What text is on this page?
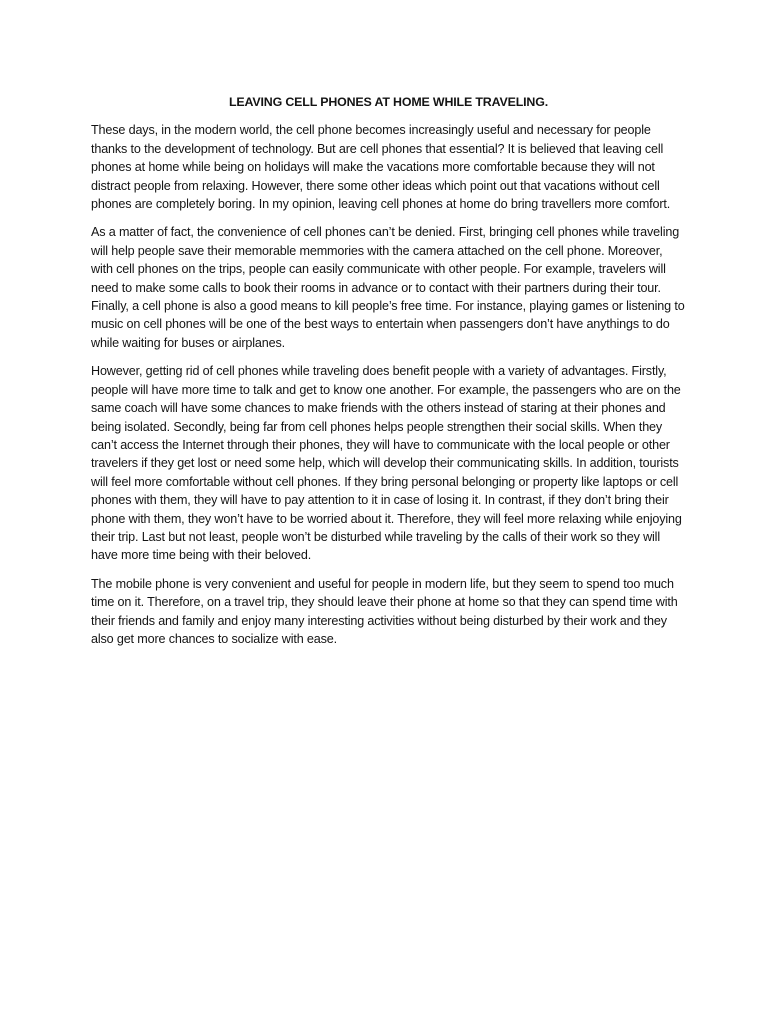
LEAVING CELL PHONES AT HOME WHILE TRAVELING.

These days, in the modern world, the cell phone becomes increasingly useful and necessary for people thanks to the development of technology. But are cell phones that essential? It is believed that leaving cell phones at home while being on holidays will make the vacations more comfortable because they will not distract people from relaxing. However, there some other ideas which point out that vacations without cell phones are completely boring. In my opinion, leaving cell phones at home do bring travellers more comfort.

As a matter of fact, the convenience of cell phones can’t be denied. First, bringing cell phones while traveling will help people save their memorable memmories with the camera attached on the cell phone. Moreover, with cell phones on the trips, people can easily communicate with other people. For example, travelers will need to make some calls to book their rooms in advance or to contact with their partners during their tour. Finally, a cell phone is also a good means to kill people’s free time. For instance, playing games or listening to music on cell phones will be one of the best ways to entertain when passengers don’t have anythings to do while waiting for buses or airplanes.

However, getting rid of cell phones while traveling does benefit people with a variety of advantages. Firstly, people will have more time to talk and get to know one another. For example, the passengers who are on the same coach will have some chances to make friends with the others instead of staring at their phones and being isolated. Secondly, being far from cell phones helps people strengthen their social skills. When they can’t access the Internet through their phones, they will have to communicate with the local people or other travelers if they get lost or need some help, which will develop their communicating skills. In addition, tourists will feel more comfortable without cell phones. If they bring personal belonging or property like laptops or cell phones with them, they will have to pay attention to it in case of losing it. In contrast, if they don’t bring their phone with them, they won’t have to be worried about it. Therefore, they will feel more relaxing while enjoying their trip. Last but not least, people won’t be disturbed while traveling by the calls of their work so they will have more time being with their beloved.

The mobile phone is very convenient and useful for people in modern life, but they seem to spend too much time on it. Therefore, on a travel trip, they should leave their phone at home so that they can spend time with their friends and family and enjoy many interesting activities without being disturbed by their work and they also get more chances to socialize with ease.
